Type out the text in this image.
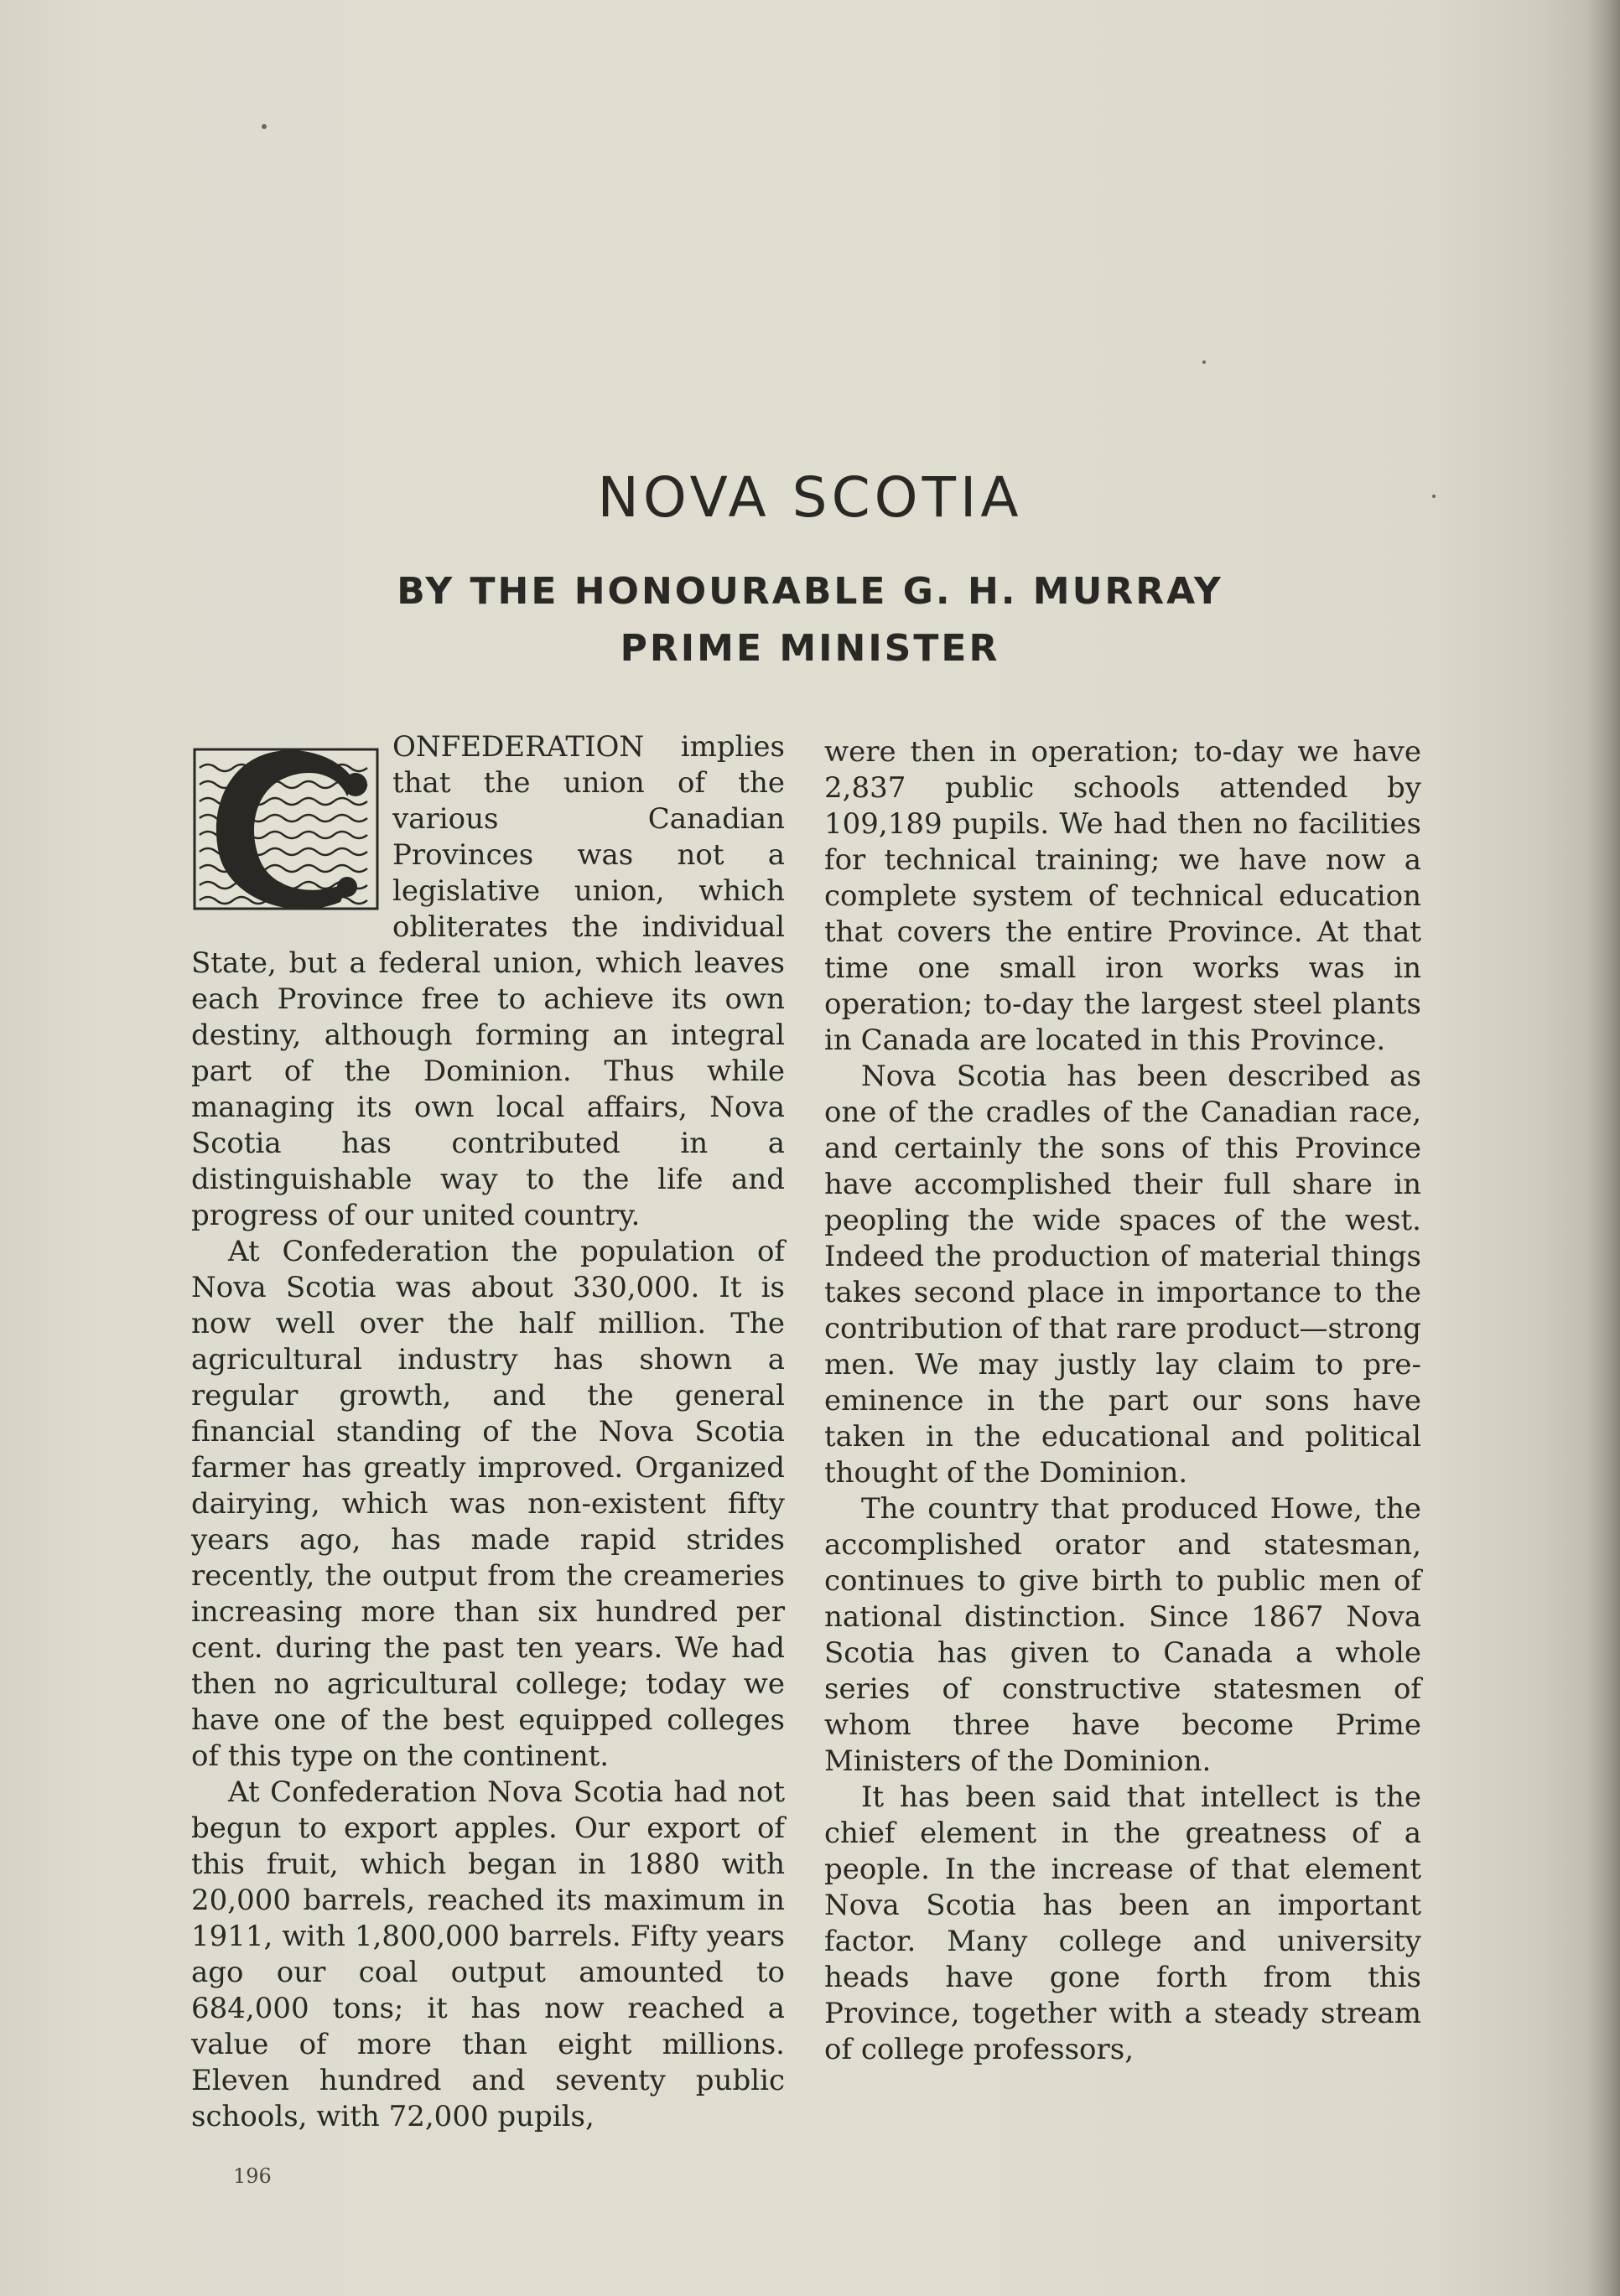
NOVA SCOTIA
BY THE HONOURABLE G. H. MURRAY
PRIME MINISTER

ONFEDERATION implies that the union of the various Canadian Provinces was not a legislative union, which obliterates the individual State, but a federal union, which leaves each Province free to achieve its own destiny, although forming an integral part of the Dominion. Thus while managing its own local affairs, Nova Scotia has contributed in a distinguishable way to the life and progress of our united country.

At Confederation the population of Nova Scotia was about 330,000. It is now well over the half million. The agricultural industry has shown a regular growth, and the general financial standing of the Nova Scotia farmer has greatly improved. Organized dairying, which was non-existent fifty years ago, has made rapid strides recently, the output from the creameries increasing more than six hundred per cent. during the past ten years. We had then no agricultural college; today we have one of the best equipped colleges of this type on the continent.

At Confederation Nova Scotia had not begun to export apples. Our export of this fruit, which began in 1880 with 20,000 barrels, reached its maximum in 1911, with 1,800,000 barrels. Fifty years ago our coal output amounted to 684,000 tons; it has now reached a value of more than eight millions. Eleven hundred and seventy public schools, with 72,000 pupils,

were then in operation; to-day we have 2,837 public schools attended by 109,189 pupils. We had then no facilities for technical training; we have now a complete system of technical education that covers the entire Province. At that time one small iron works was in operation; to-day the largest steel plants in Canada are located in this Province.

Nova Scotia has been described as one of the cradles of the Canadian race, and certainly the sons of this Province have accomplished their full share in peopling the wide spaces of the west. Indeed the production of material things takes second place in importance to the contribution of that rare product—strong men. We may justly lay claim to pre-eminence in the part our sons have taken in the educational and political thought of the Dominion.

The country that produced Howe, the accomplished orator and statesman, continues to give birth to public men of national distinction. Since 1867 Nova Scotia has given to Canada a whole series of constructive statesmen of whom three have become Prime Ministers of the Dominion.

It has been said that intellect is the chief element in the greatness of a people. In the increase of that element Nova Scotia has been an important factor. Many college and university heads have gone forth from this Province, together with a steady stream of college professors,

196
